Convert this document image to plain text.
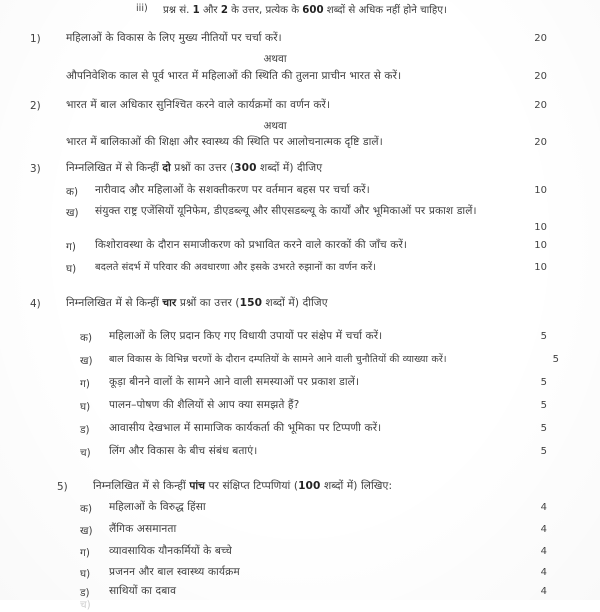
iii) प्रश्न सं. 1 और 2 के उत्तर, प्रत्येक के 600 शब्दों से अधिक नहीं होने चाहिए।
1) महिलाओं के विकास के लिए मुख्य नीतियों पर चर्चा करें।	20
अथवा
औपनिवेशिक काल से पूर्व भारत में महिलाओं की स्थिति की तुलना प्राचीन भारत से करें।	20
2) भारत में बाल अधिकार सुनिश्चित करने वाले कार्यक्रमों का वर्णन करें।	20
अथवा
भारत में बालिकाओं की शिक्षा और स्वास्थ्य की स्थिति पर आलोचनात्मक दृष्टि डालें।	20
3) निम्नलिखित में से किन्हीं दो प्रश्नों का उत्तर (300 शब्दों में) दीजिए
क) नारीवाद और महिलाओं के सशक्तीकरण पर वर्तमान बहस पर चर्चा करें।	10
ख) संयुक्त राष्ट्र एजेंसियों यूनिफेम, डीएडब्ल्यू और सीएसडब्ल्यू के कार्यों और भूमिकाओं पर प्रकाश डालें।
10
ग) किशोरावस्था के दौरान समाजीकरण को प्रभावित करने वाले कारकों की जाँच करें।	10
घ) बदलते संदर्भ में परिवार की अवधारणा और इसके उभरते रुझानों का वर्णन करें।	10
4) निम्नलिखित में से किन्हीं चार प्रश्नों का उत्तर (150 शब्दों में) दीजिए
क) महिलाओं के लिए प्रदान किए गए विधायी उपायों पर संक्षेप में चर्चा करें।	5
ख) बाल विकास के विभिन्न चरणों के दौरान दम्पतियों के सामने आने वाली चुनौतियों की व्याख्या करें।	5
ग) कूड़ा बीनने वालों के सामने आने वाली समस्याओं पर प्रकाश डालें।	5
घ) पालन–पोषण की शैलियों से आप क्या समझते हैं?	5
ड) आवासीय देखभाल में सामाजिक कार्यकर्ता की भूमिका पर टिप्पणी करें।	5
च) लिंग और विकास के बीच संबंध बताएं।	5
5) निम्नलिखित में से किन्हीं पांच पर संक्षिप्त टिप्पणियां (100 शब्दों में) लिखिए:
क) महिलाओं के विरुद्ध हिंसा	4
ख) लैंगिक असमानता	4
ग) व्यावसायिक यौनकर्मियों के बच्चे	4
घ) प्रजनन और बाल स्वास्थ्य कार्यक्रम	4
ड) साथियों का दबाव	4
च)
